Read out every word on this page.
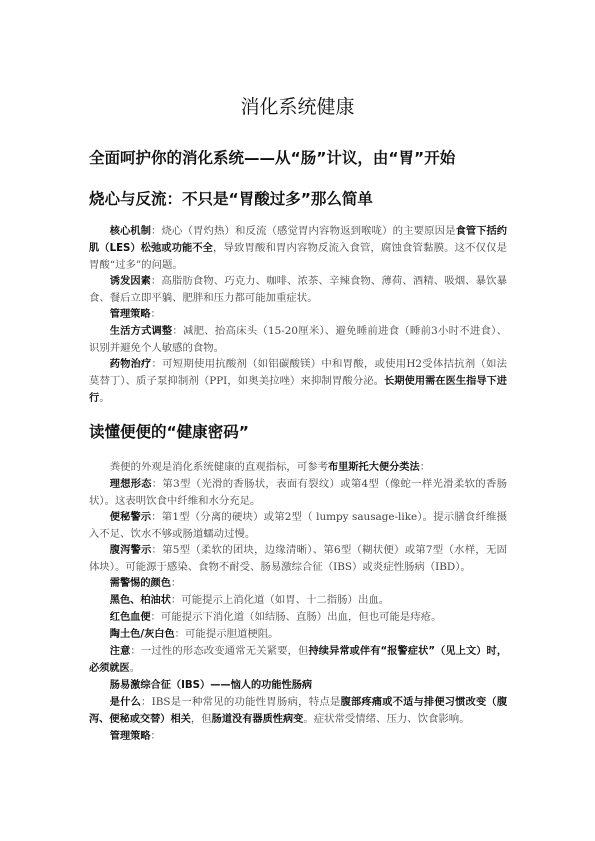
消化系统健康
全面呵护你的消化系统——从“肠”计议，由“胃”开始
烧心与反流：不只是“胃酸过多”那么简单

核心机制：烧心（胃灼热）和反流（感觉胃内容物返到喉咙）的主要原因是食管下括约肌（LES）松弛或功能不全，导致胃酸和胃内容物反流入食管，腐蚀食管黏膜。这不仅仅是胃酸“过多”的问题。

诱发因素：高脂肪食物、巧克力、咖啡、浓茶、辛辣食物、薄荷、酒精、吸烟、暴饮暴食、餐后立即平躺、肥胖和压力都可能加重症状。

管理策略：

生活方式调整：减肥、抬高床头（15-20厘米）、避免睡前进食（睡前3小时不进食）、识别并避免个人敏感的食物。

药物治疗：可短期使用抗酸剂（如铝碳酸镁）中和胃酸，或使用H2受体拮抗剂（如法莫替丁）、质子泵抑制剂（PPI，如奥美拉唑）来抑制胃酸分泌。长期使用需在医生指导下进行。

读懂便便的“健康密码”

粪便的外观是消化系统健康的直观指标，可参考布里斯托大便分类法：

理想形态：第3型（光滑的香肠状，表面有裂纹）或第4型（像蛇一样光滑柔软的香肠状）。这表明饮食中纤维和水分充足。

便秘警示：第1型（分离的硬块）或第2型（ lumpy sausage-like）。提示膳食纤维摄入不足、饮水不够或肠道蠕动过慢。

腹泻警示：第5型（柔软的团块，边缘清晰）、第6型（糊状便）或第7型（水样，无固体块）。可能源于感染、食物不耐受、肠易激综合征（IBS）或炎症性肠病（IBD）。

需警惕的颜色：

黑色、柏油状：可能提示上消化道（如胃、十二指肠）出血。

红色血便：可能提示下消化道（如结肠、直肠）出血，但也可能是痔疮。

陶土色/灰白色：可能提示胆道梗阻。

注意：一过性的形态改变通常无关紧要，但持续异常或伴有“报警症状”（见上文）时，必须就医。

肠易激综合征（IBS）——恼人的功能性肠病

是什么：IBS是一种常见的功能性胃肠病，特点是腹部疼痛或不适与排便习惯改变（腹泻、便秘或交替）相关，但肠道没有器质性病变。症状常受情绪、压力、饮食影响。

管理策略：
